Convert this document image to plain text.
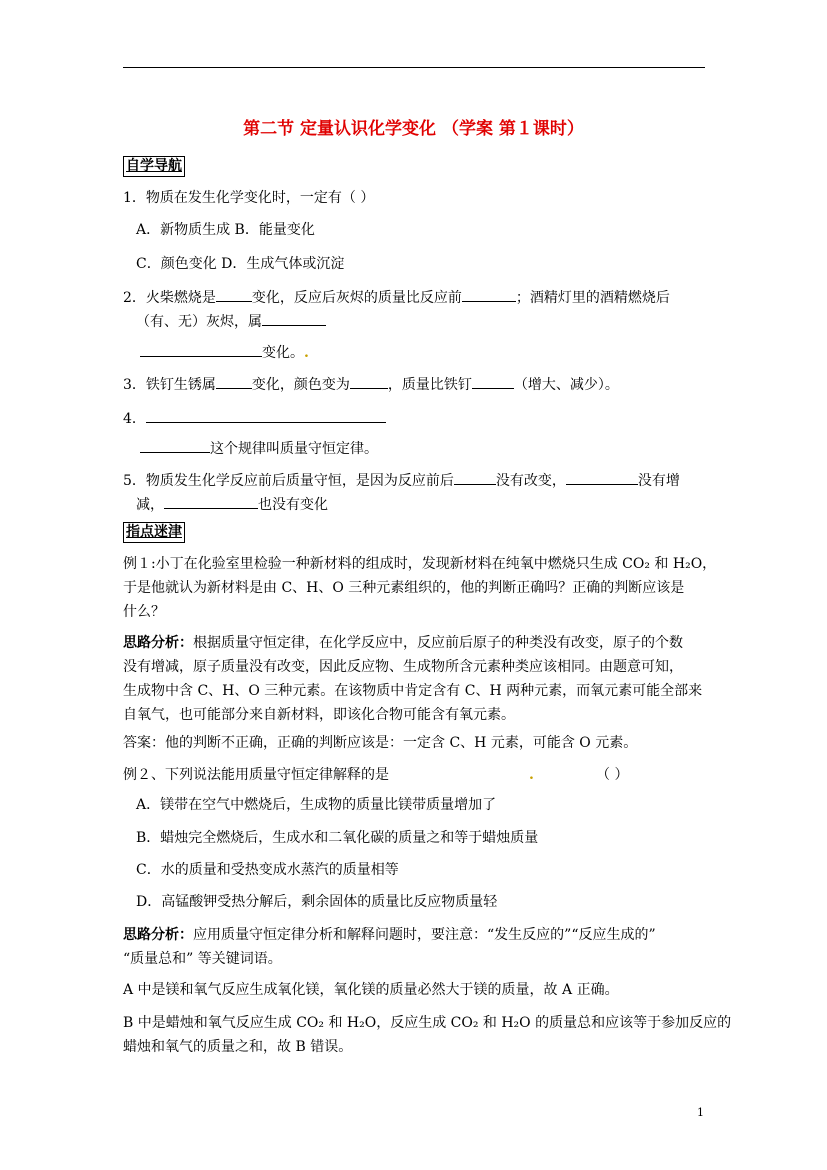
第二节 定量认识化学变化 （学案 第１课时）
自学导航
1．物质在发生化学变化时，一定有（ ）
A．新物质生成 B．能量变化
C．颜色变化 D．生成气体或沉淀
2．火柴燃烧是	变化，反应后灰烬的质量比反应前	；酒精灯里的酒精燃烧后
（有、无）灰烬，属
变化。.
3．铁钉生锈属	变化，颜色变为	，质量比铁钉	（增大、减少）。
4．
这个规律叫质量守恒定律。
5．物质发生化学反应前后质量守恒，是因为反应前后	没有改变，	没有增
减，	也没有变化
指点迷津
例１:小丁在化验室里检验一种新材料的组成时，发现新材料在纯氧中燃烧只生成 CO₂ 和 H₂O，
于是他就认为新材料是由 C、H、O 三种元素组织的，他的判断正确吗？正确的判断应该是
什么？
思路分析：根据质量守恒定律，在化学反应中，反应前后原子的种类没有改变，原子的个数
没有增减，原子质量没有改变，因此反应物、生成物所含元素种类应该相同。由题意可知，
生成物中含 C、H、O 三种元素。在该物质中肯定含有 C、H 两种元素，而氧元素可能全部来
自氧气，也可能部分来自新材料，即该化合物可能含有氧元素。
答案：他的判断不正确，正确的判断应该是：一定含 C、H 元素，可能含 O 元素。
例２、下列说法能用质量守恒定律解释的是	.	（ ）
A．镁带在空气中燃烧后，生成物的质量比镁带质量增加了
B．蜡烛完全燃烧后，生成水和二氧化碳的质量之和等于蜡烛质量
C．水的质量和受热变成水蒸汽的质量相等
D．高锰酸钾受热分解后，剩余固体的质量比反应物质量轻
思路分析：应用质量守恒定律分析和解释问题时，要注意：“发生反应的”“反应生成的”
“质量总和” 等关键词语。
A 中是镁和氧气反应生成氧化镁，氧化镁的质量必然大于镁的质量，故 A 正确。
B 中是蜡烛和氧气反应生成 CO₂ 和 H₂O，反应生成 CO₂ 和 H₂O 的质量总和应该等于参加反应的
蜡烛和氧气的质量之和，故 B 错误。
1
